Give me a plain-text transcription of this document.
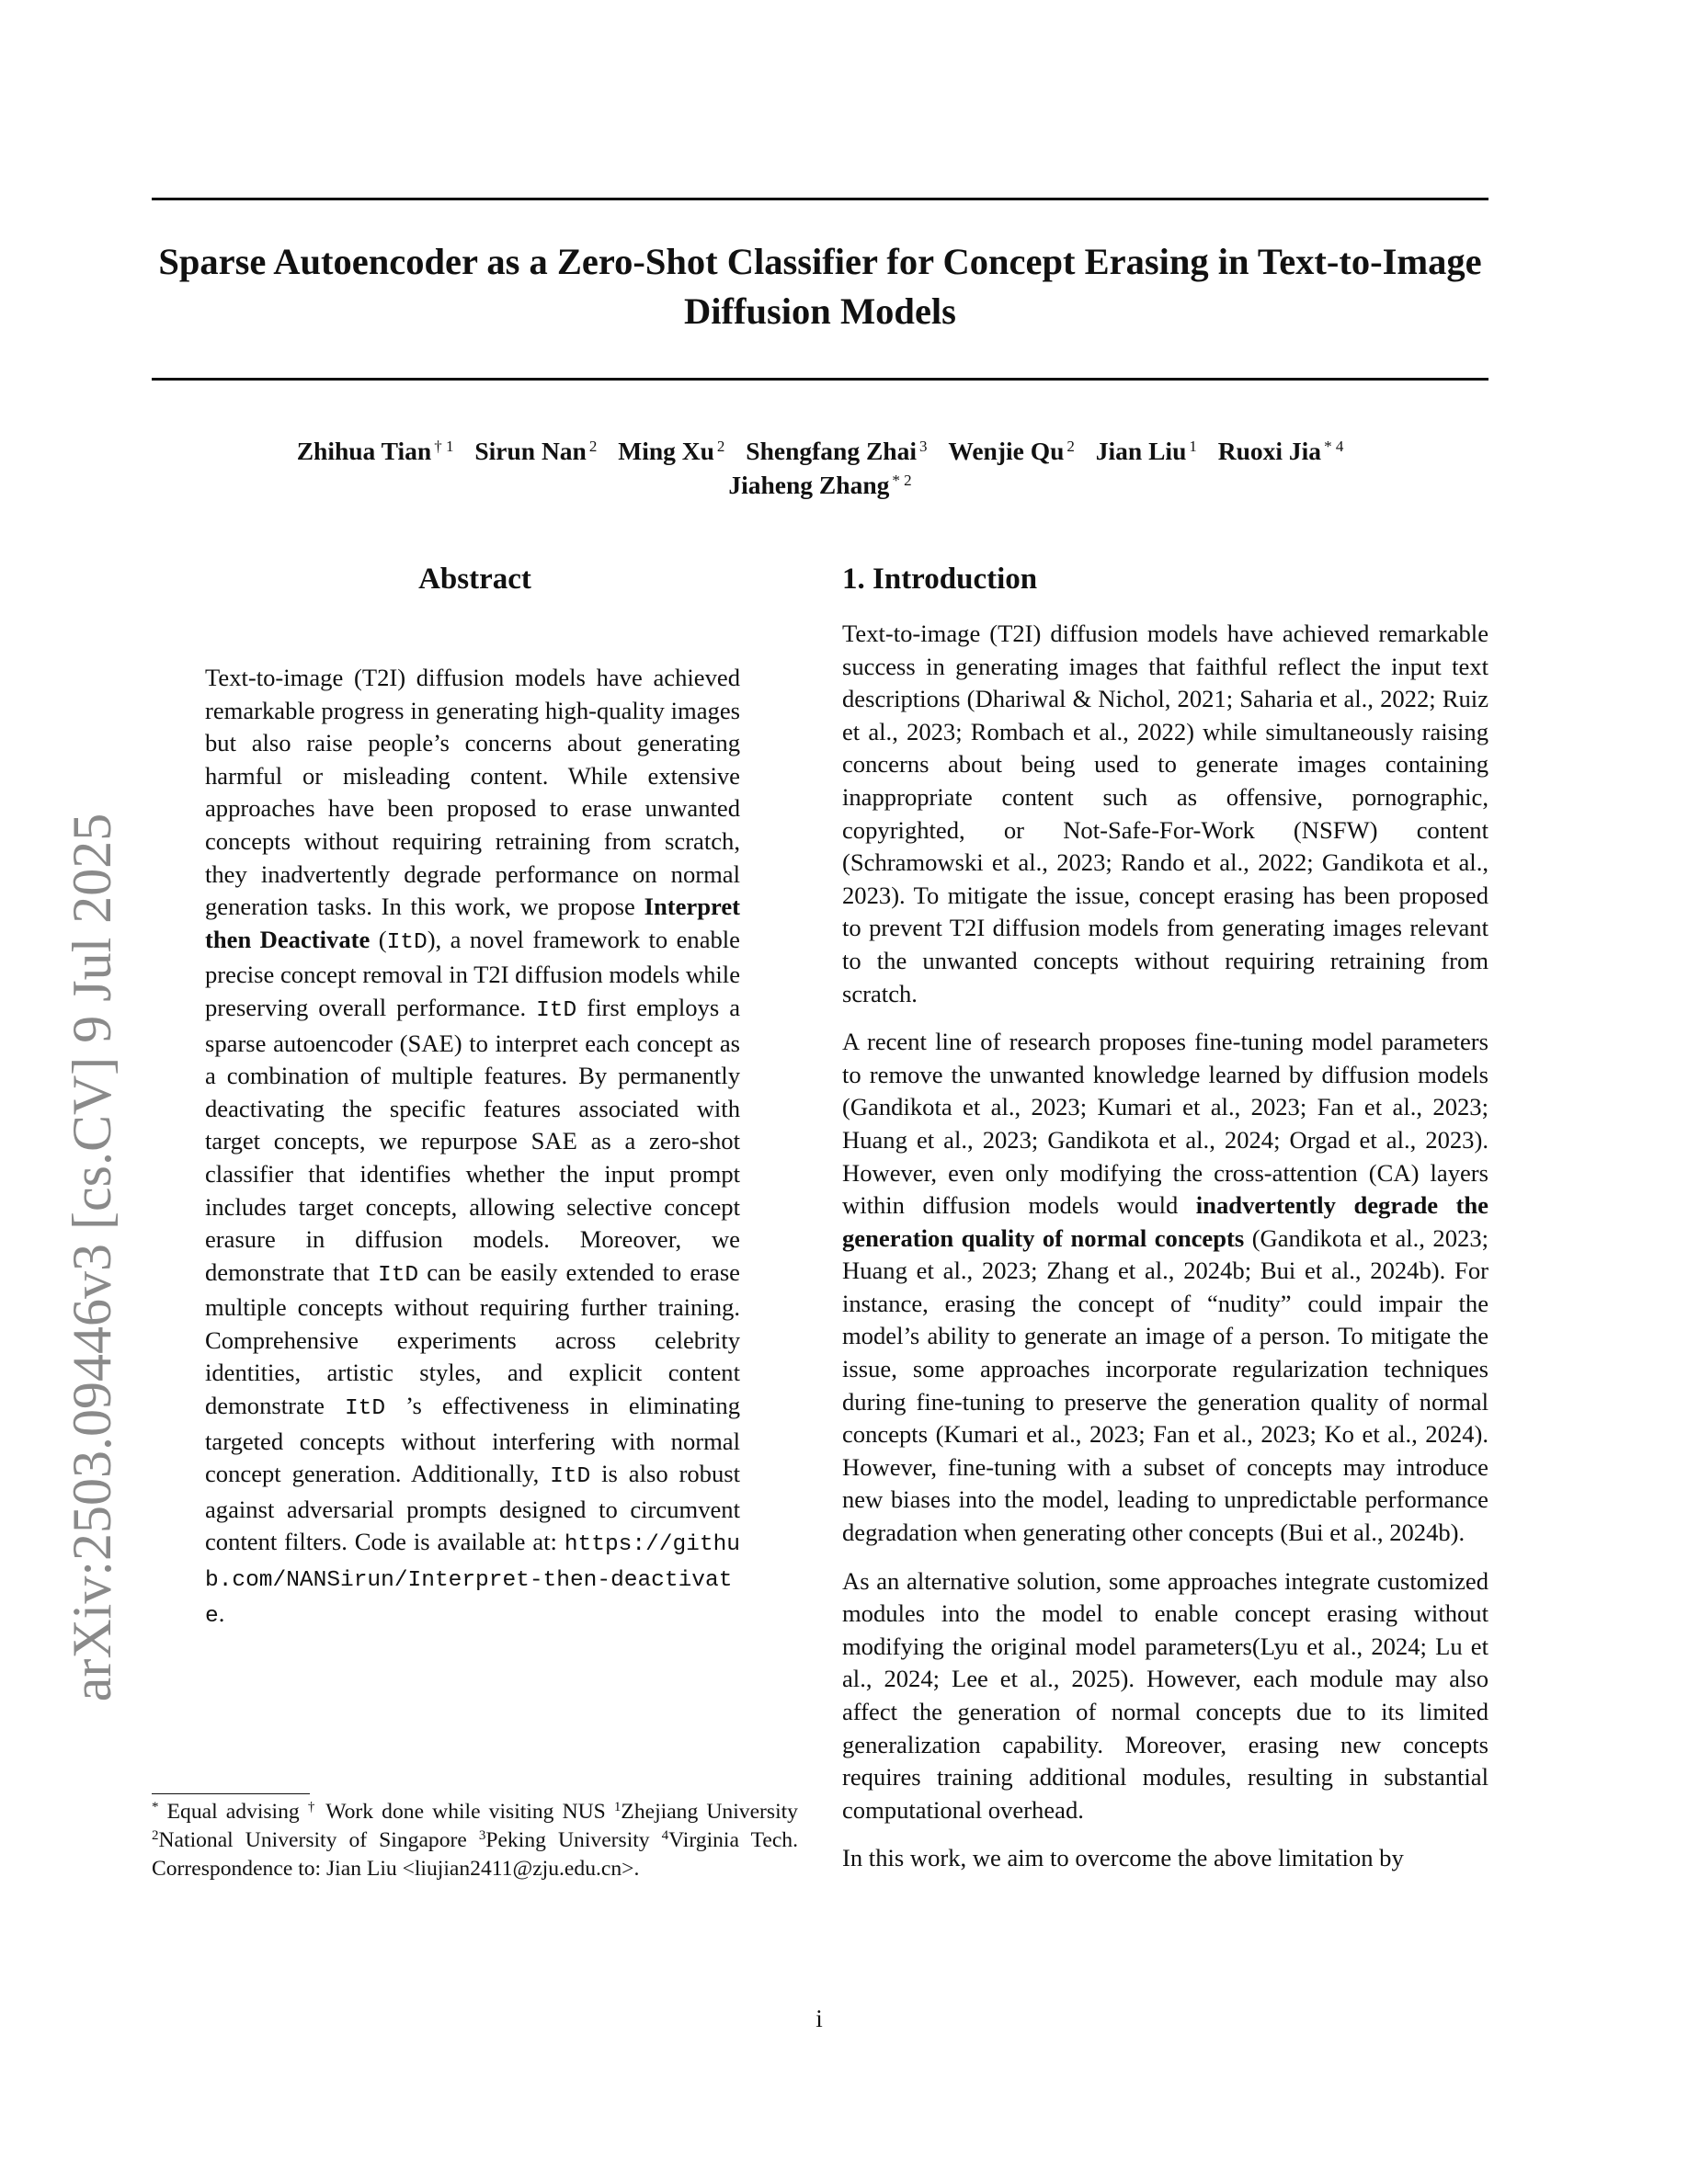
Sparse Autoencoder as a Zero-Shot Classifier for Concept Erasing in Text-to-Image Diffusion Models
Zhihua Tian $^{\dagger 1}$ Sirun Nan $^2$ Ming Xu $^2$ Shengfang Zhai $^3$ Wenjie Qu $^2$ Jian Liu $^1$ Ruoxi Jia $^{* 4}$
Jiaheng Zhang $^{* 2}$
arXiv:2503.09446v3 [cs.CV] 9 Jul 2025
Abstract

Text-to-image (T2I) diffusion models have achieved remarkable progress in generating high-quality images but also raise people’s concerns about generating harmful or misleading content. While extensive approaches have been proposed to erase unwanted concepts without requiring retraining from scratch, they inadvertently degrade performance on normal generation tasks. In this work, we propose Interpret then Deactivate (ItD), a novel framework to enable precise concept removal in T2I diffusion models while preserving overall performance. ItD first employs a sparse autoencoder (SAE) to interpret each concept as a combination of multiple features. By permanently deactivating the specific features associated with target concepts, we repurpose SAE as a zero-shot classifier that identifies whether the input prompt includes target concepts, allowing selective concept erasure in diffusion models. Moreover, we demonstrate that ItD can be easily extended to erase multiple concepts without requiring further training. Comprehensive experiments across celebrity identities, artistic styles, and explicit content demonstrate ItD ’s effectiveness in eliminating targeted concepts without interfering with normal concept generation. Additionally, ItD is also robust against adversarial prompts designed to circumvent content filters. Code is available at: https://github.com/NANSirun/Interpret-then-deactivate.

* Equal advising † Work done while visiting NUS $^1$Zhejiang University $^2$National University of Singapore $^3$Peking University $^4$Virginia Tech. Correspondence to: Jian Liu <liujian2411@zju.edu.cn>.

1. Introduction

Text-to-image (T2I) diffusion models have achieved remarkable success in generating images that faithful reflect the input text descriptions (Dhariwal & Nichol, 2021; Saharia et al., 2022; Ruiz et al., 2023; Rombach et al., 2022) while simultaneously raising concerns about being used to generate images containing inappropriate content such as offensive, pornographic, copyrighted, or Not-Safe-For-Work (NSFW) content (Schramowski et al., 2023; Rando et al., 2022; Gandikota et al., 2023). To mitigate the issue, concept erasing has been proposed to prevent T2I diffusion models from generating images relevant to the unwanted concepts without requiring retraining from scratch.

A recent line of research proposes fine-tuning model parameters to remove the unwanted knowledge learned by diffusion models (Gandikota et al., 2023; Kumari et al., 2023; Fan et al., 2023; Huang et al., 2023; Gandikota et al., 2024; Orgad et al., 2023). However, even only modifying the cross-attention (CA) layers within diffusion models would inadvertently degrade the generation quality of normal concepts (Gandikota et al., 2023; Huang et al., 2023; Zhang et al., 2024b; Bui et al., 2024b). For instance, erasing the concept of “nudity” could impair the model’s ability to generate an image of a person. To mitigate the issue, some approaches incorporate regularization techniques during fine-tuning to preserve the generation quality of normal concepts (Kumari et al., 2023; Fan et al., 2023; Ko et al., 2024). However, fine-tuning with a subset of concepts may introduce new biases into the model, leading to unpredictable performance degradation when generating other concepts (Bui et al., 2024b).

As an alternative solution, some approaches integrate customized modules into the model to enable concept erasing without modifying the original model parameters(Lyu et al., 2024; Lu et al., 2024; Lee et al., 2025). However, each module may also affect the generation of normal concepts due to its limited generalization capability. Moreover, erasing new concepts requires training additional modules, resulting in substantial computational overhead.

In this work, we aim to overcome the above limitation by

i
